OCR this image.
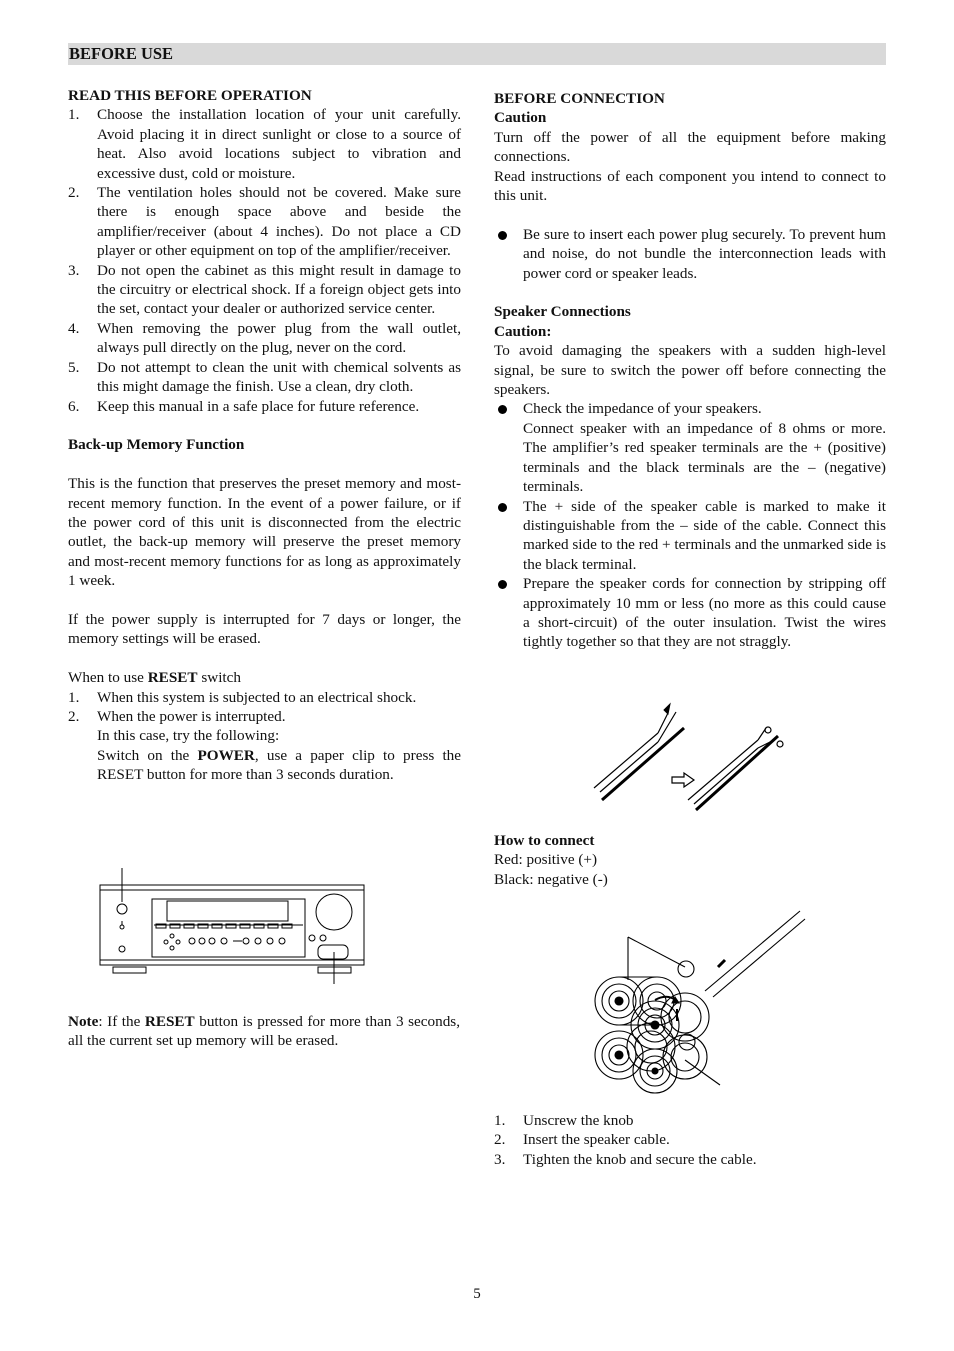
BEFORE USE
READ THIS BEFORE OPERATION
1. Choose the installation location of your unit carefully. Avoid placing it in direct sunlight or close to a source of heat. Also avoid locations subject to vibration and excessive dust, cold or moisture.
2. The ventilation holes should not be covered. Make sure there is enough space above and beside the amplifier/receiver (about 4 inches). Do not place a CD player or other equipment on top of the amplifier/receiver.
3. Do not open the cabinet as this might result in damage to the circuitry or electrical shock. If a foreign object gets into the set, contact your dealer or authorized service center.
4. When removing the power plug from the wall outlet, always pull directly on the plug, never on the cord.
5. Do not attempt to clean the unit with chemical solvents as this might damage the finish. Use a clean, dry cloth.
6. Keep this manual in a safe place for future reference.
Back-up Memory Function

This is the function that preserves the preset memory and most-recent memory function. In the event of a power failure, or if the power cord of this unit is disconnected from the electric outlet, the back-up memory will preserve the preset memory and most-recent memory functions for as long as approximately 1 week.

If the power supply is interrupted for 7 days or longer, the memory settings will be erased.

When to use RESET switch
1. When this system is subjected to an electrical shock.
2. When the power is interrupted.
In this case, try the following:
Switch on the POWER, use a paper clip to press the RESET button for more than 3 seconds duration.

Note: If the RESET button is pressed for more than 3 seconds, all the current set up memory will be erased.

BEFORE CONNECTION
Caution

Turn off the power of all the equipment before making connections.

Read instructions of each component you intend to connect to this unit.

Be sure to insert each power plug securely. To prevent hum and noise, do not bundle the interconnection leads with power cord or speaker leads.
Speaker Connections
Caution:

To avoid damaging the speakers with a sudden high-level signal, be sure to switch the power off before connecting the speakers.

Check the impedance of your speakers.
Connect speaker with an impedance of 8 ohms or more. The amplifier’s red speaker terminals are the + (positive) terminals and the black terminals are the – (negative) terminals.
The + side of the speaker cable is marked to make it distinguishable from the – side of the cable. Connect this marked side to the red + terminals and the unmarked side is the black terminal.
Prepare the speaker cords for connection by stripping off approximately 10 mm or less (no more as this could cause a short-circuit) of the outer insulation. Twist the wires tightly together so that they are not straggly.
How to connect
Red: positive (+)
Black: negative (-)
1. Unscrew the knob
2. Insert the speaker cable.
3. Tighten the knob and secure the cable.
5
